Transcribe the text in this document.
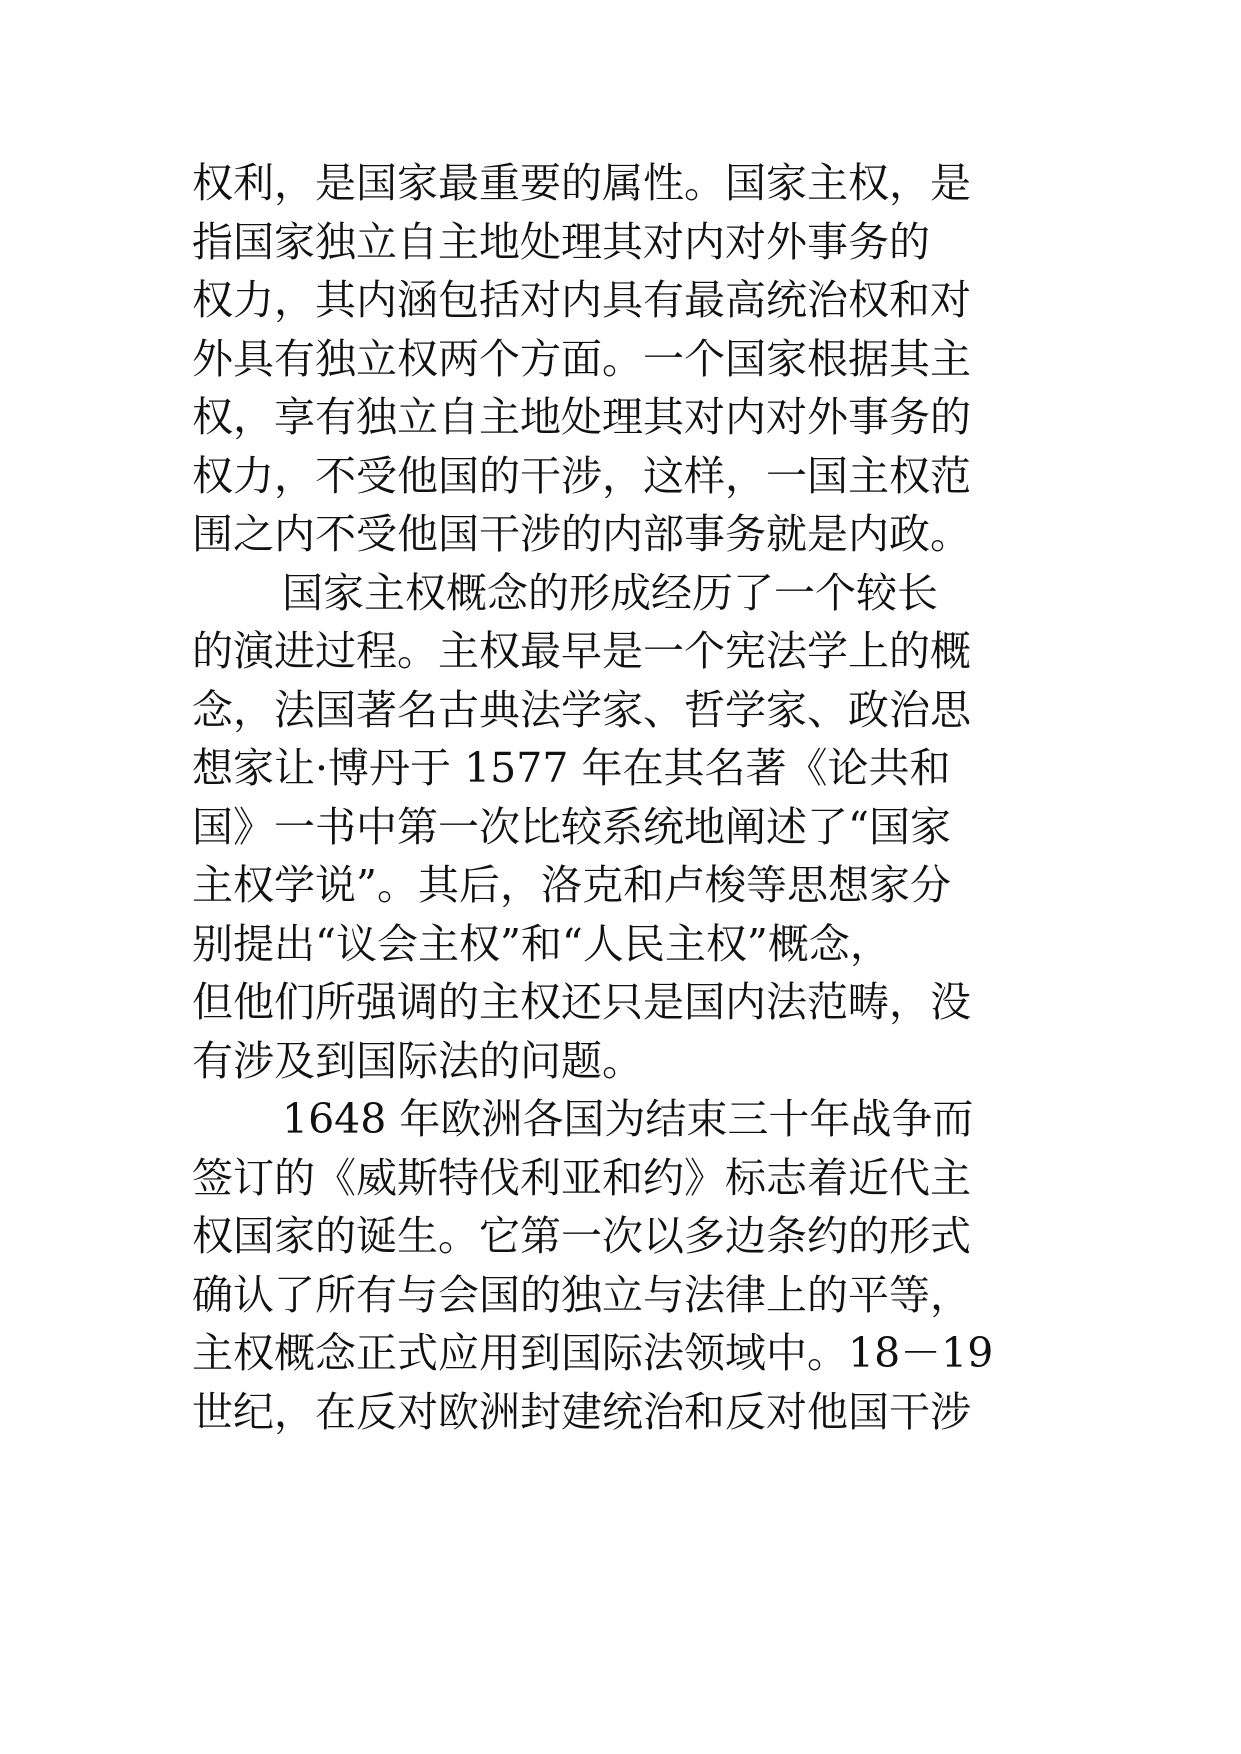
权利，是国家最重要的属性。国家主权，是
指国家独立自主地处理其对内对外事务的
权力，其内涵包括对内具有最高统治权和对
外具有独立权两个方面。一个国家根据其主
权，享有独立自主地处理其对内对外事务的
权力，不受他国的干涉，这样，一国主权范
围之内不受他国干涉的内部事务就是内政。
国家主权概念的形成经历了一个较长
的演进过程。主权最早是一个宪法学上的概
念，法国著名古典法学家、哲学家、政治思
想家让·博丹于 1577 年在其名著《论共和
国》一书中第一次比较系统地阐述了“国家
主权学说”。其后，洛克和卢梭等思想家分
别提出“议会主权”和“人民主权”概念，
但他们所强调的主权还只是国内法范畴，没
有涉及到国际法的问题。
1648 年欧洲各国为结束三十年战争而
签订的《威斯特伐利亚和约》标志着近代主
权国家的诞生。它第一次以多边条约的形式
确认了所有与会国的独立与法律上的平等，
主权概念正式应用到国际法领域中。18－19
世纪，在反对欧洲封建统治和反对他国干涉
